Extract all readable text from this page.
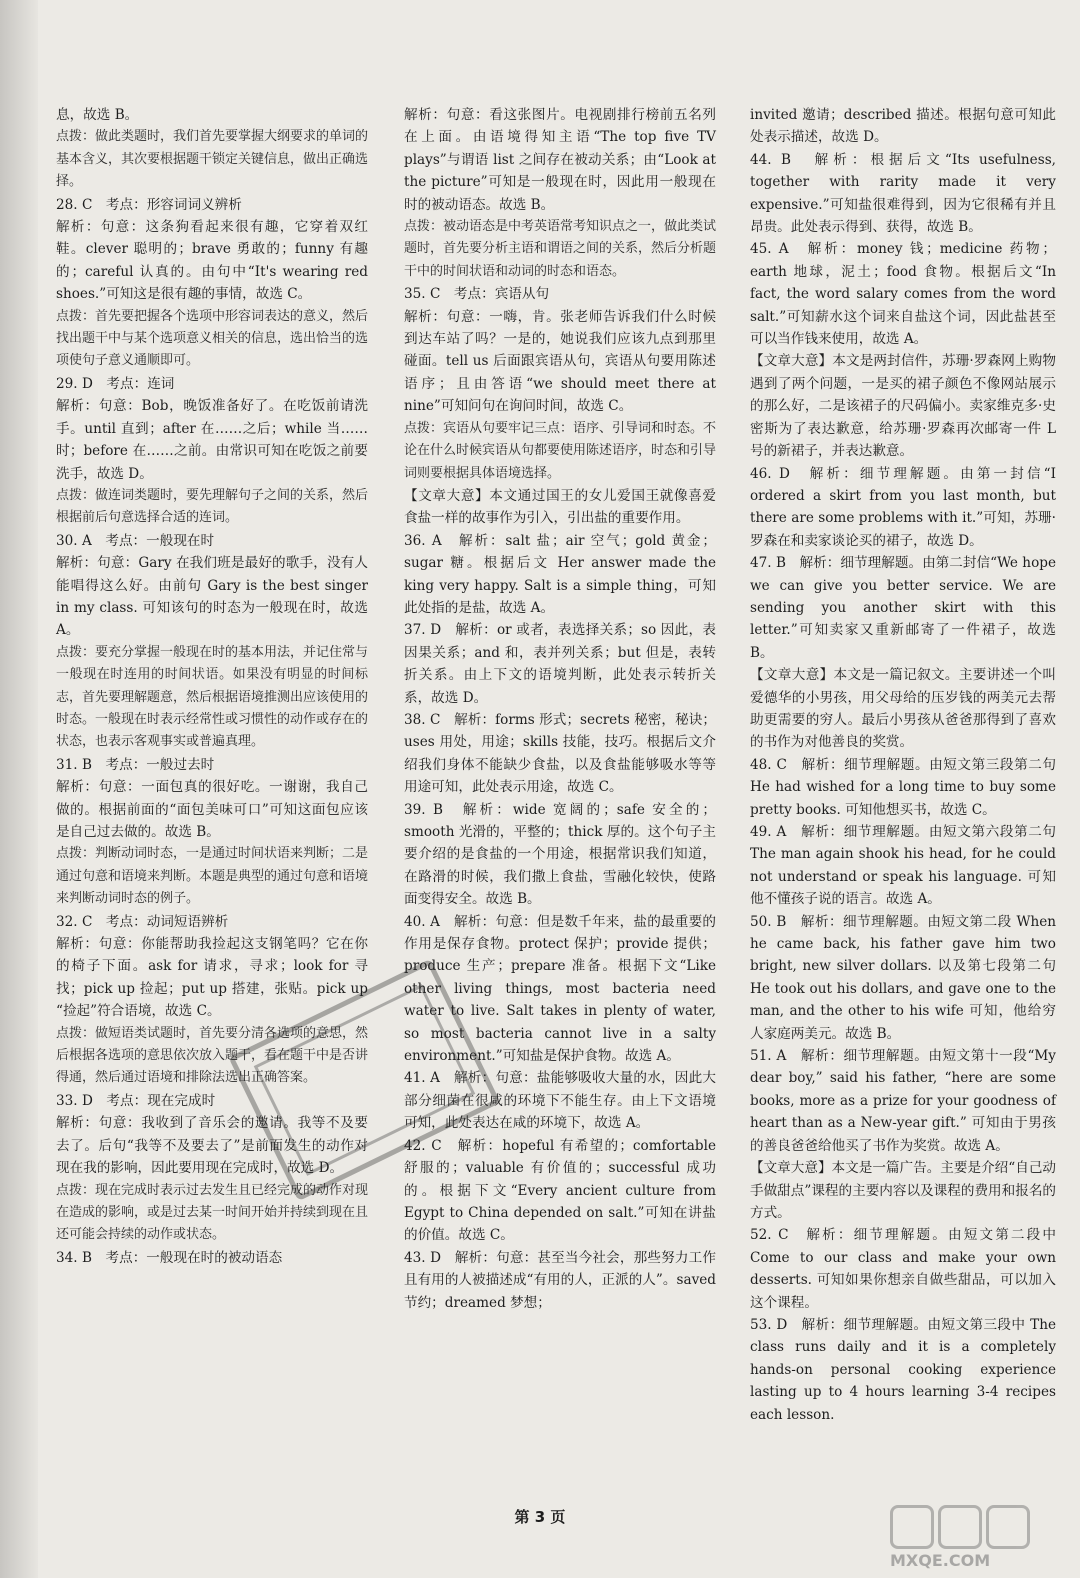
息，故选 B。

点拨：做此类题时，我们首先要掌握大纲要求的单词的基本含义，其次要根据题干锁定关键信息，做出正确选择。

28. C　考点：形容词词义辨析

解析：句意：这条狗看起来很有趣，它穿着双红鞋。clever 聪明的；brave 勇敢的；funny 有趣的；careful 认真的。由句中“It's wearing red shoes.”可知这是很有趣的事情，故选 C。

点拨：首先要把握各个选项中形容词表达的意义，然后找出题干中与某个选项意义相关的信息，选出恰当的选项使句子意义通顺即可。

29. D　考点：连词

解析：句意：Bob，晚饭准备好了。在吃饭前请洗手。until 直到；after 在……之后；while 当……时；before 在……之前。由常识可知在吃饭之前要洗手，故选 D。

点拨：做连词类题时，要先理解句子之间的关系，然后根据前后句意选择合适的连词。

30. A　考点：一般现在时

解析：句意：Gary 在我们班是最好的歌手，没有人能唱得这么好。由前句 Gary is the best singer in my class. 可知该句的时态为一般现在时，故选 A。

点拨：要充分掌握一般现在时的基本用法，并记住常与一般现在时连用的时间状语。如果没有明显的时间标志，首先要理解题意，然后根据语境推测出应该使用的时态。一般现在时表示经常性或习惯性的动作或存在的状态，也表示客观事实或普遍真理。

31. B　考点：一般过去时

解析：句意：一面包真的很好吃。一谢谢，我自己做的。根据前面的“面包美味可口”可知这面包应该是自己过去做的。故选 B。

点拨：判断动词时态，一是通过时间状语来判断；二是通过句意和语境来判断。本题是典型的通过句意和语境来判断动词时态的例子。

32. C　考点：动词短语辨析

解析：句意：你能帮助我捡起这支钢笔吗？它在你的椅子下面。ask for 请求，寻求；look for 寻找；pick up 捡起；put up 搭建，张贴。pick up “捡起”符合语境，故选 C。

点拨：做短语类试题时，首先要分清各选项的意思，然后根据各选项的意思依次放入题干，看在题干中是否讲得通，然后通过语境和排除法选出正确答案。

33. D　考点：现在完成时

解析：句意：我收到了音乐会的邀请。我等不及要去了。后句“我等不及要去了”是前面发生的动作对现在我的影响，因此要用现在完成时，故选 D。

点拨：现在完成时表示过去发生且已经完成的动作对现在造成的影响，或是过去某一时间开始并持续到现在且还可能会持续的动作或状态。

34. B　考点：一般现在时的被动语态

解析：句意：看这张图片。电视剧排行榜前五名列在上面。由语境得知主语“The top five TV plays”与谓语 list 之间存在被动关系；由“Look at the picture”可知是一般现在时，因此用一般现在时的被动语态。故选 B。

点拨：被动语态是中考英语常考知识点之一，做此类试题时，首先要分析主语和谓语之间的关系，然后分析题干中的时间状语和动词的时态和语态。

35. C　考点：宾语从句

解析：句意：一嗨，肯。张老师告诉我们什么时候到达车站了吗？一是的，她说我们应该九点到那里碰面。tell us 后面跟宾语从句，宾语从句要用陈述语序；且由答语“we should meet there at nine”可知问句在询问时间，故选 C。

点拨：宾语从句要牢记三点：语序、引导词和时态。不论在什么时候宾语从句都要使用陈述语序，时态和引导词则要根据具体语境选择。

【文章大意】本文通过国王的女儿爱国王就像喜爱食盐一样的故事作为引入，引出盐的重要作用。

36. A　解析：salt 盐；air 空气；gold 黄金；sugar 糖。根据后文 Her answer made the king very happy. Salt is a simple thing，可知此处指的是盐，故选 A。

37. D　解析：or 或者，表选择关系；so 因此，表因果关系；and 和，表并列关系；but 但是，表转折关系。由上下文的语境判断，此处表示转折关系，故选 D。

38. C　解析：forms 形式；secrets 秘密，秘诀；uses 用处，用途；skills 技能，技巧。根据后文介绍我们身体不能缺少食盐，以及食盐能够吸水等等用途可知，此处表示用途，故选 C。

39. B　解析：wide 宽阔的；safe 安全的；smooth 光滑的，平整的；thick 厚的。这个句子主要介绍的是食盐的一个用途，根据常识我们知道，在路滑的时候，我们撒上食盐，雪融化较快，使路面变得安全。故选 B。

40. A　解析：句意：但是数千年来，盐的最重要的作用是保存食物。protect 保护；provide 提供；produce 生产；prepare 准备。根据下文“Like other living things, most bacteria need water to live. Salt takes in plenty of water, so most bacteria cannot live in a salty environment.”可知盐是保护食物。故选 A。

41. A　解析：句意：盐能够吸收大量的水，因此大部分细菌在很咸的环境下不能生存。由上下文语境可知，此处表达在咸的环境下，故选 A。

42. C　解析：hopeful 有希望的；comfortable 舒服的；valuable 有价值的；successful 成功的。根据下文“Every ancient culture from Egypt to China depended on salt.”可知在讲盐的价值。故选 C。

43. D　解析：句意：甚至当今社会，那些努力工作且有用的人被描述成“有用的人，正派的人”。saved 节约；dreamed 梦想；

invited 邀请；described 描述。根据句意可知此处表示描述，故选 D。

44. B　解析：根据后文“Its usefulness, together with rarity made it very expensive.”可知盐很难得到，因为它很稀有并且昂贵。此处表示得到、获得，故选 B。

45. A　解析：money 钱；medicine 药物；earth 地球，泥土；food 食物。根据后文“In fact, the word salary comes from the word salt.”可知薪水这个词来自盐这个词，因此盐甚至可以当作钱来使用，故选 A。

【文章大意】本文是两封信件，苏珊·罗森网上购物遇到了两个问题，一是买的裙子颜色不像网站展示的那么好，二是该裙子的尺码偏小。卖家维克多·史密斯为了表达歉意，给苏珊·罗森再次邮寄一件 L 号的新裙子，并表达歉意。

46. D　解析：细节理解题。由第一封信“I ordered a skirt from you last month, but there are some problems with it.”可知，苏珊·罗森在和卖家谈论买的裙子，故选 D。

47. B　解析：细节理解题。由第二封信“We hope we can give you better service. We are sending you another skirt with this letter.”可知卖家又重新邮寄了一件裙子，故选 B。

【文章大意】本文是一篇记叙文。主要讲述一个叫爱德华的小男孩，用父母给的压岁钱的两美元去帮助更需要的穷人。最后小男孩从爸爸那得到了喜欢的书作为对他善良的奖赏。

48. C　解析：细节理解题。由短文第三段第二句 He had wished for a long time to buy some pretty books. 可知他想买书，故选 C。

49. A　解析：细节理解题。由短文第六段第二句 The man again shook his head, for he could not understand or speak his language. 可知他不懂孩子说的语言。故选 A。

50. B　解析：细节理解题。由短文第二段 When he came back, his father gave him two bright, new silver dollars. 以及第七段第二句 He took out his dollars, and gave one to the man, and the other to his wife 可知，他给穷人家庭两美元。故选 B。

51. A　解析：细节理解题。由短文第十一段“My dear boy,” said his father, “here are some books, more as a prize for your goodness of heart than as a New-year gift.” 可知由于男孩的善良爸爸给他买了书作为奖赏。故选 A。

【文章大意】本文是一篇广告。主要是介绍“自己动手做甜点”课程的主要内容以及课程的费用和报名的方式。

52. C　解析：细节理解题。由短文第二段中 Come to our class and make your own desserts. 可知如果你想亲自做些甜品，可以加入这个课程。

53. D　解析：细节理解题。由短文第三段中 The class runs daily and it is a completely hands-on personal cooking experience lasting up to 4 hours learning 3-4 recipes each lesson.

第 3 页
MXQE.COM
